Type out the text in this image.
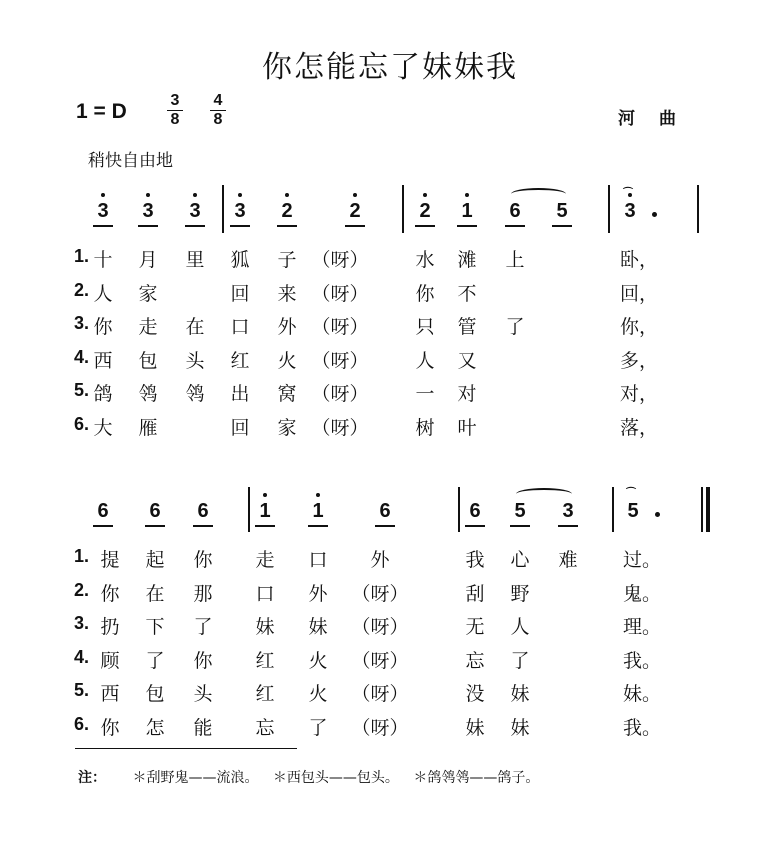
你怎能忘了妹妹我
1 = D	3
8
4
8	河曲
稍快自由地
3	3	3	3	2	2	2	1	6	5	3
⌒
1. 十 月 里 狐 子 （呀）	水 滩 上	卧，
2. 人 家	回 来 （呀）	你 不	回，
3. 你 走 在 口 外 （呀）	只 管 了	你，
4. 西 包 头 红 火 （呀）	人 又	多，
5. 鸽 鸰 鸰 出 窝 （呀）	一 对	对，
6. 大 雁	回 家 （呀）	树 叶	落，
6	6	6	1	1	6	6	5	3	5
⌒
1. 提 起 你 走 口 外	我 心 难 过。
2. 你 在 那 口 外	（呀）	刮 野	鬼。
3. 扔 下 了 妹 妹	（呀）	无 人	理。
4. 顾 了 你 红 火	（呀）	忘 了	我。
5. 西 包 头 红 火	（呀）	没 妹	妹。
6. 你 怎 能 忘 了	（呀）	妹 妹	我。
注： ＊刮野鬼——流浪。 ＊西包头——包头。 ＊鸽鸰鸰——鸽子。
